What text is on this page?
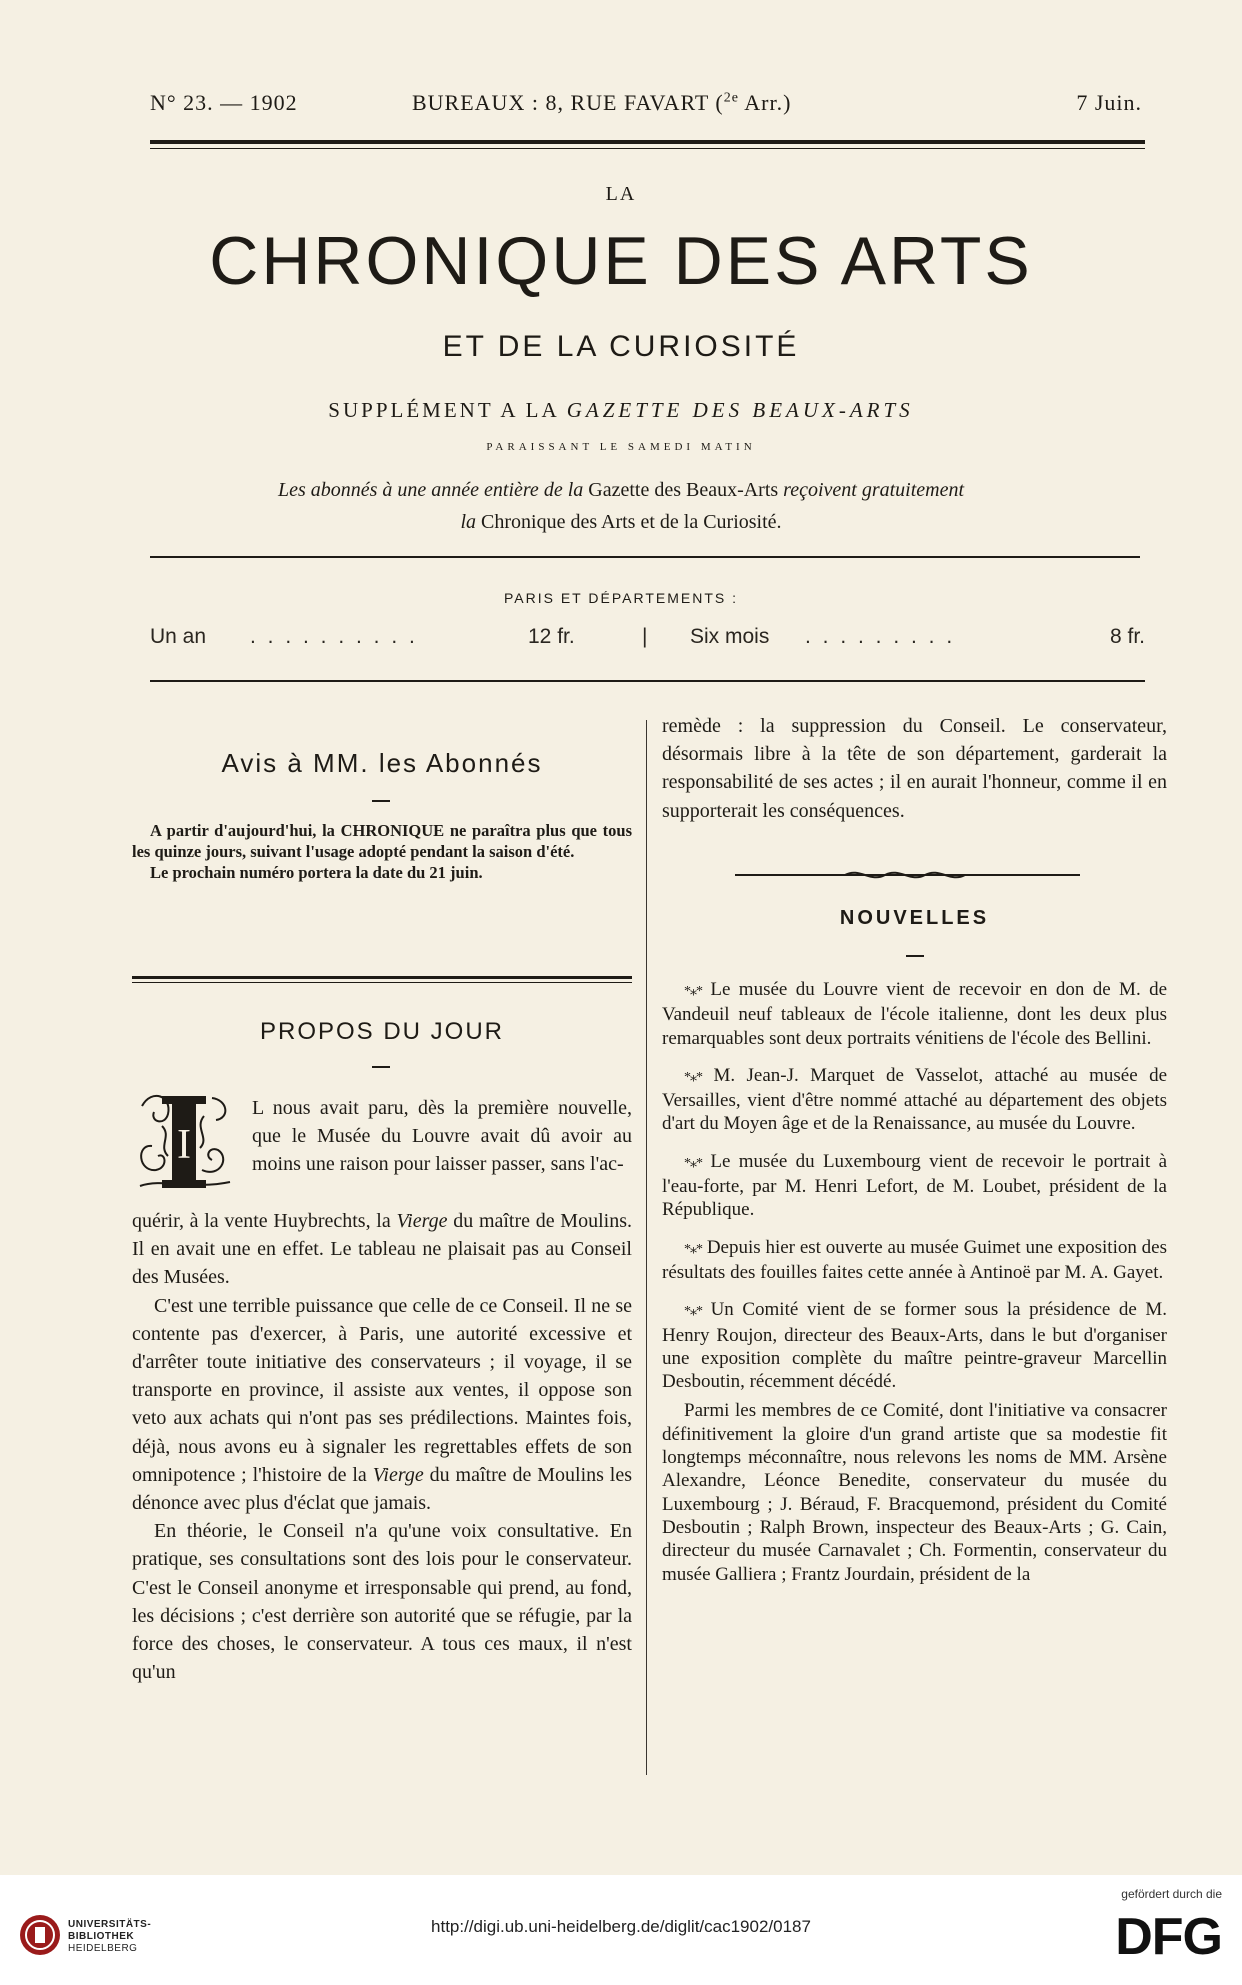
N° 23. — 1902	BUREAUX : 8, RUE FAVART ($^{2e}$ Arr.)	7 Juin.
LA
CHRONIQUE DES ARTS
ET DE LA CURIOSITÉ
SUPPLÉMENT A LA GAZETTE DES BEAUX-ARTS
PARAISSANT LE SAMEDI MATIN
Les abonnés à une année entière de la Gazette des Beaux-Arts reçoivent gratuitement
la Chronique des Arts et de la Curiosité.
PARIS ET DÉPARTEMENTS :
Un an . . . . . . . . . .	12 fr.	| Six mois . . . . . . . . .	8 fr.
Avis à MM. les Abonnés

A partir d'aujourd'hui, la CHRONIQUE ne paraîtra plus que tous les quinze jours, suivant l'usage adopté pendant la saison d'été.

Le prochain numéro portera la date du 21 juin.

PROPOS DU JOUR
I
L nous avait paru, dès la première nouvelle, que le Musée du Louvre avait dû avoir au moins une raison pour laisser passer, sans l'ac-

quérir, à la vente Huybrechts, la Vierge du maître de Moulins. Il en avait une en effet. Le tableau ne plaisait pas au Conseil des Musées.

C'est une terrible puissance que celle de ce Conseil. Il ne se contente pas d'exercer, à Paris, une autorité excessive et d'arrêter toute initiative des conservateurs ; il voyage, il se transporte en province, il assiste aux ventes, il oppose son veto aux achats qui n'ont pas ses prédilections. Maintes fois, déjà, nous avons eu à signaler les regrettables effets de son omnipotence ; l'histoire de la Vierge du maître de Moulins les dénonce avec plus d'éclat que jamais.

En théorie, le Conseil n'a qu'une voix consultative. En pratique, ses consultations sont des lois pour le conservateur. C'est le Conseil anonyme et irresponsable qui prend, au fond, les décisions ; c'est derrière son autorité que se réfugie, par la force des choses, le conservateur. A tous ces maux, il n'est qu'un

remède : la suppression du Conseil. Le conservateur, désormais libre à la tête de son département, garderait la responsabilité de ses actes ; il en aurait l'honneur, comme il en supporterait les conséquences.

NOUVELLES

*⁎* Le musée du Louvre vient de recevoir en don de M. de Vandeuil neuf tableaux de l'école italienne, dont les deux plus remarquables sont deux portraits vénitiens de l'école des Bellini.

*⁎* M. Jean-J. Marquet de Vasselot, attaché au musée de Versailles, vient d'être nommé attaché au département des objets d'art du Moyen âge et de la Renaissance, au musée du Louvre.

*⁎* Le musée du Luxembourg vient de recevoir le portrait à l'eau-forte, par M. Henri Lefort, de M. Loubet, président de la République.

*⁎* Depuis hier est ouverte au musée Guimet une exposition des résultats des fouilles faites cette année à Antinoë par M. A. Gayet.

*⁎* Un Comité vient de se former sous la présidence de M. Henry Roujon, directeur des Beaux-Arts, dans le but d'organiser une exposition complète du maître peintre-graveur Marcellin Desboutin, récemment décédé.

Parmi les membres de ce Comité, dont l'initiative va consacrer définitivement la gloire d'un grand artiste que sa modestie fit longtemps méconnaître, nous relevons les noms de MM. Arsène Alexandre, Léonce Benedite, conservateur du musée du Luxembourg ; J. Béraud, F. Bracquemond, président du Comité Desboutin ; Ralph Brown, inspecteur des Beaux-Arts ; G. Cain, directeur du musée Carnavalet ; Ch. Formentin, conservateur du musée Galliera ; Frantz Jourdain, président de la

UNIVERSITÄTS-
BIBLIOTHEK
HEIDELBERG
http://digi.ub.uni-heidelberg.de/diglit/cac1902/0187
gefördert durch die
DFG
